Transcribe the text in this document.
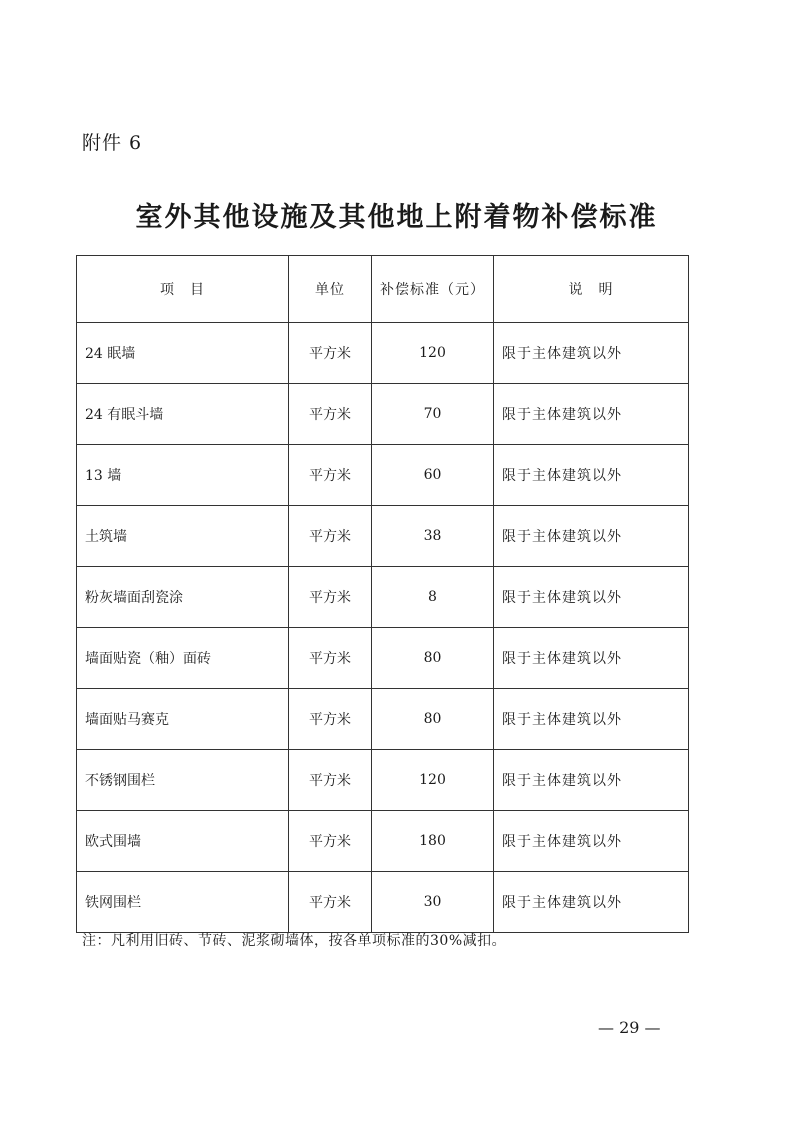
附件 6
室外其他设施及其他地上附着物补偿标准
项　目	单位	补偿标准（元）	说　明
24 眠墙	平方米	120	限于主体建筑以外
24 有眠斗墙	平方米	70	限于主体建筑以外
13 墙	平方米	60	限于主体建筑以外
土筑墙	平方米	38	限于主体建筑以外
粉灰墙面刮瓷涂	平方米	8	限于主体建筑以外
墙面贴瓷（釉）面砖	平方米	80	限于主体建筑以外
墙面贴马赛克	平方米	80	限于主体建筑以外
不锈钢围栏	平方米	120	限于主体建筑以外
欧式围墙	平方米	180	限于主体建筑以外
铁网围栏	平方米	30	限于主体建筑以外
注：凡利用旧砖、节砖、泥浆砌墙体，按各单项标准的30%减扣。
— 29 —
